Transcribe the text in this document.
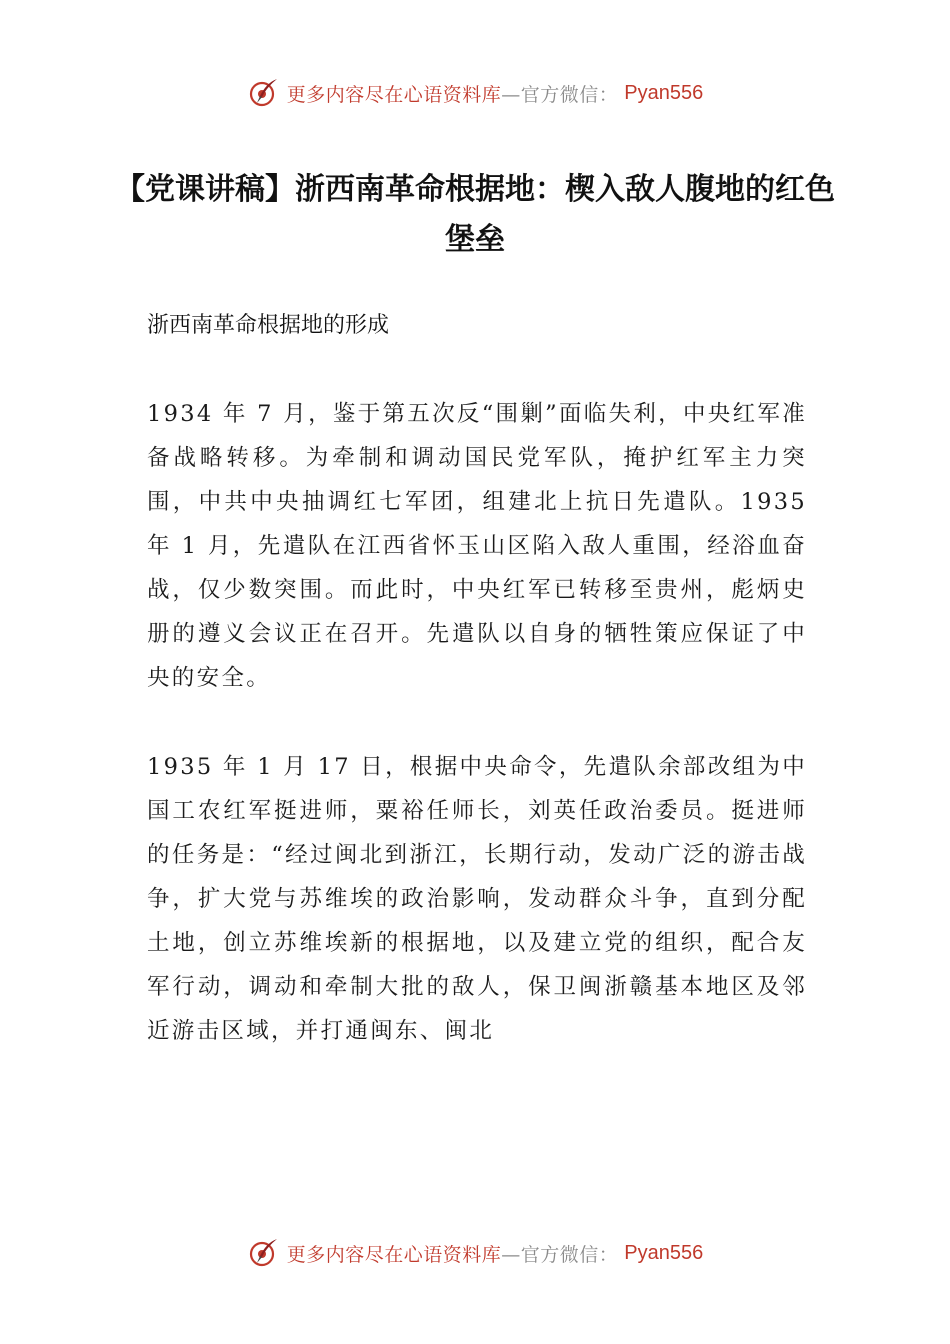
更多内容尽在心语资料库—官方微信： Pyan556
【党课讲稿】浙西南革命根据地：楔入敌人腹地的红色堡垒
浙西南革命根据地的形成

1934 年 7 月，鉴于第五次反“围剿”面临失利，中央红军准备战略转移。为牵制和调动国民党军队，掩护红军主力突围，中共中央抽调红七军团，组建北上抗日先遣队。1935 年 1 月，先遣队在江西省怀玉山区陷入敌人重围，经浴血奋战，仅少数突围。而此时，中央红军已转移至贵州，彪炳史册的遵义会议正在召开。先遣队以自身的牺牲策应保证了中央的安全。

1935 年 1 月 17 日，根据中央命令，先遣队余部改组为中国工农红军挺进师，粟裕任师长，刘英任政治委员。挺进师的任务是：“经过闽北到浙江，长期行动，发动广泛的游击战争，扩大党与苏维埃的政治影响，发动群众斗争，直到分配土地，创立苏维埃新的根据地，以及建立党的组织，配合友军行动，调动和牵制大批的敌人，保卫闽浙赣基本地区及邻近游击区域，并打通闽东、闽北

更多内容尽在心语资料库—官方微信： Pyan556
